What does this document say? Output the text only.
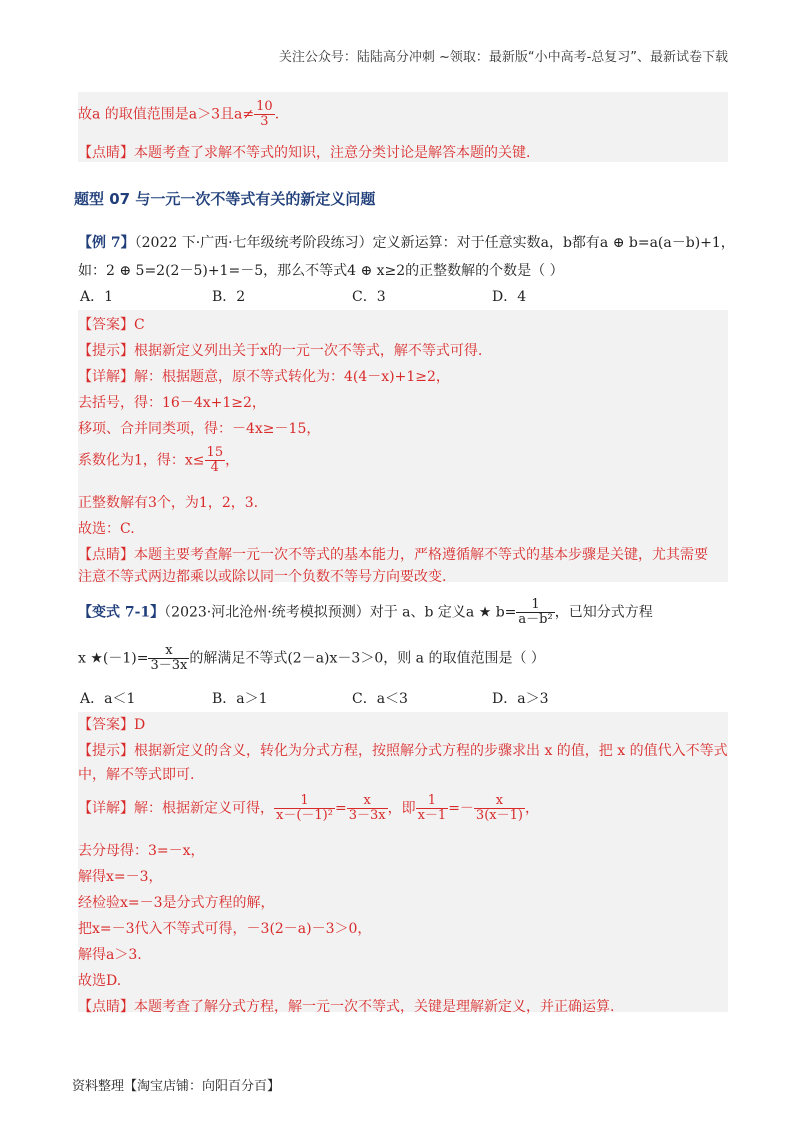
关注公众号：陆陆高分冲刺 ~领取：最新版“小中高考-总复习”、最新试卷下载
故a 的取值范围是a＞3且$a\ne \frac{10}{3}$ .
【点睛】本题考查了求解不等式的知识，注意分类讨论是解答本题的关键.
题型 07 与一元一次不等式有关的新定义问题
【例 7】（2022 下·广西·七年级统考阶段练习）定义新运算：对于任意实数a，b都有a ⊕ b=a(a－b)+1，
如：2 ⊕ 5=2(2－5)+1=－5，那么不等式4 ⊕ x≥2的正整数解的个数是（ ）
A．1	B．2	C．3	D．4
【答案】C
【提示】根据新定义列出关于x的一元一次不等式，解不等式可得.
【详解】解：根据题意，原不等式转化为：4(4－x)+1≥2，
去括号，得：16－4x+1≥2，
移项、合并同类项，得：－4x≥－15，
系数化为1，得：$x\le \frac{15}{4}$ ，
正整数解有3个，为1，2，3.
故选：C.
【点睛】本题主要考查解一元一次不等式的基本能力，严格遵循解不等式的基本步骤是关键，尤其需要
注意不等式两边都乘以或除以同一个负数不等号方向要改变.
【变式 7-1】（2023·河北沧州·统考模拟预测）对于 a、b 定义a ★ $b= \frac{1}{\text{a－b²}}$ ，已知分式方程
x ★(－1)= $\frac{x}{3-3x}$ 的解满足不等式(2－a)x－3＞0，则 a 的取值范围是（ ）
A．a＜1	B．a＞1	C．a＜3	D．a＞3
【答案】D
【提示】根据新定义的含义，转化为分式方程，按照解分式方程的步骤求出 x 的值，把 x 的值代入不等式
中，解不等式即可.
【详解】解：根据新定义可得， $\frac{1}{\text{x－(－1)²}} = \frac{x}{3-3x}$ ，即 $\frac{1}{x-1} =- \frac{x}{3(x-1)}$ ，
去分母得：3=－x，
解得x=－3，
经检验x=－3是分式方程的解，
把x=－3代入不等式可得，－3(2－a)－3＞0，
解得a＞3.
故选D.
【点睛】本题考查了解分式方程，解一元一次不等式，关键是理解新定义，并正确运算.
资料整理【淘宝店铺：向阳百分百】
